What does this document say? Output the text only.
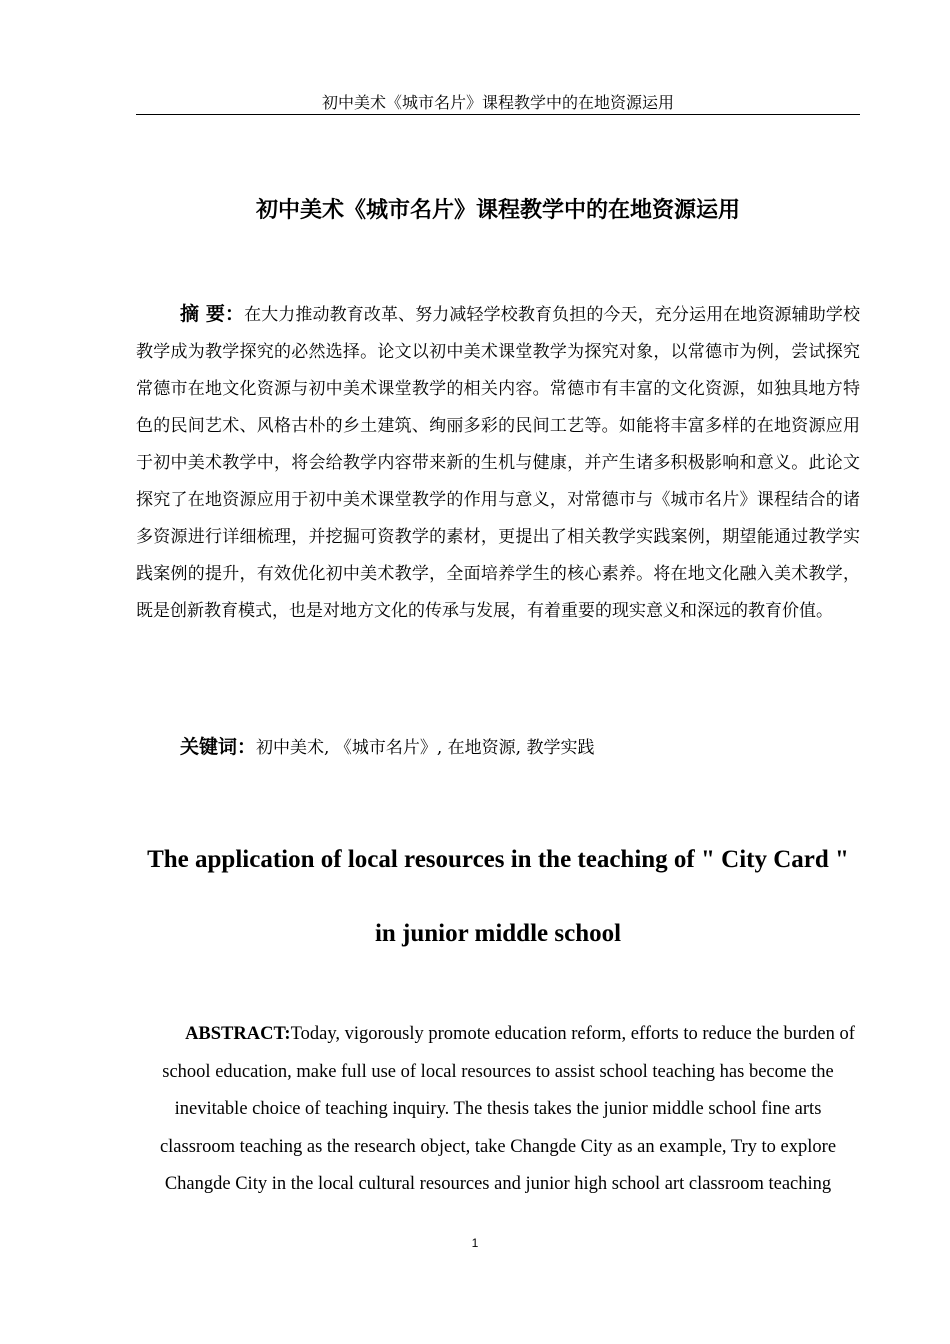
初中美术《城市名片》课程教学中的在地资源运用
初中美术《城市名片》课程教学中的在地资源运用

摘 要：在大力推动教育改革、努力减轻学校教育负担的今天，充分运用在地资源辅助学校教学成为教学探究的必然选择。论文以初中美术课堂教学为探究对象，以常德市为例，尝试探究常德市在地文化资源与初中美术课堂教学的相关内容。常德市有丰富的文化资源，如独具地方特色的民间艺术、风格古朴的乡土建筑、绚丽多彩的民间工艺等。如能将丰富多样的在地资源应用于初中美术教学中，将会给教学内容带来新的生机与健康，并产生诸多积极影响和意义。此论文探究了在地资源应用于初中美术课堂教学的作用与意义，对常德市与《城市名片》课程结合的诸多资源进行详细梳理，并挖掘可资教学的素材，更提出了相关教学实践案例，期望能通过教学实践案例的提升，有效优化初中美术教学，全面培养学生的核心素养。将在地文化融入美术教学，既是创新教育模式，也是对地方文化的传承与发展，有着重要的现实意义和深远的教育价值。

关键词：初中美术, 《城市名片》, 在地资源, 教学实践

The application of local resources in the teaching of " City Card "
in junior middle school

ABSTRACT:Today, vigorously promote education reform, efforts to reduce the burden of school education, make full use of local resources to assist school teaching has become the inevitable choice of teaching inquiry. The thesis takes the junior middle school fine arts classroom teaching as the research object, take Changde City as an example, Try to explore Changde City in the local cultural resources and junior high school art classroom teaching

1
